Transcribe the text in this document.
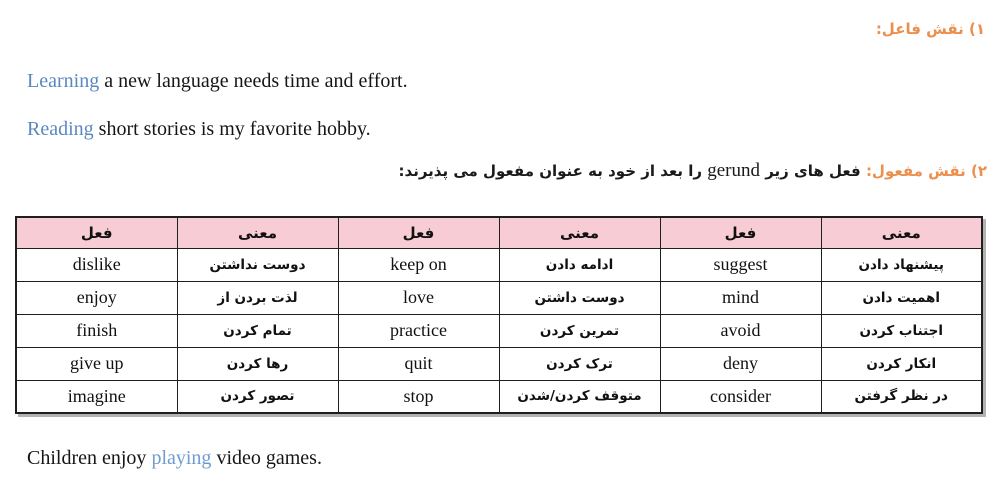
۱) نقش فاعل:

Learning a new language needs time and effort.

Reading short stories is my favorite hobby.

۲) نقش مفعول: فعل های زیر gerund را بعد از خود به عنوان مفعول می پذیرند:

فعل	معنی	فعل	معنی	فعل	معنی
dislike	دوست نداشتن	keep on	ادامه دادن	suggest	پیشنهاد دادن
enjoy	لذت بردن از	love	دوست داشتن	mind	اهمیت دادن
finish	تمام کردن	practice	تمرین کردن	avoid	اجتناب کردن
give up	رها کردن	quit	ترک کردن	deny	انکار کردن
imagine	تصور کردن	stop	متوقف کردن/شدن	consider	در نظر گرفتن

Children enjoy playing video games.
